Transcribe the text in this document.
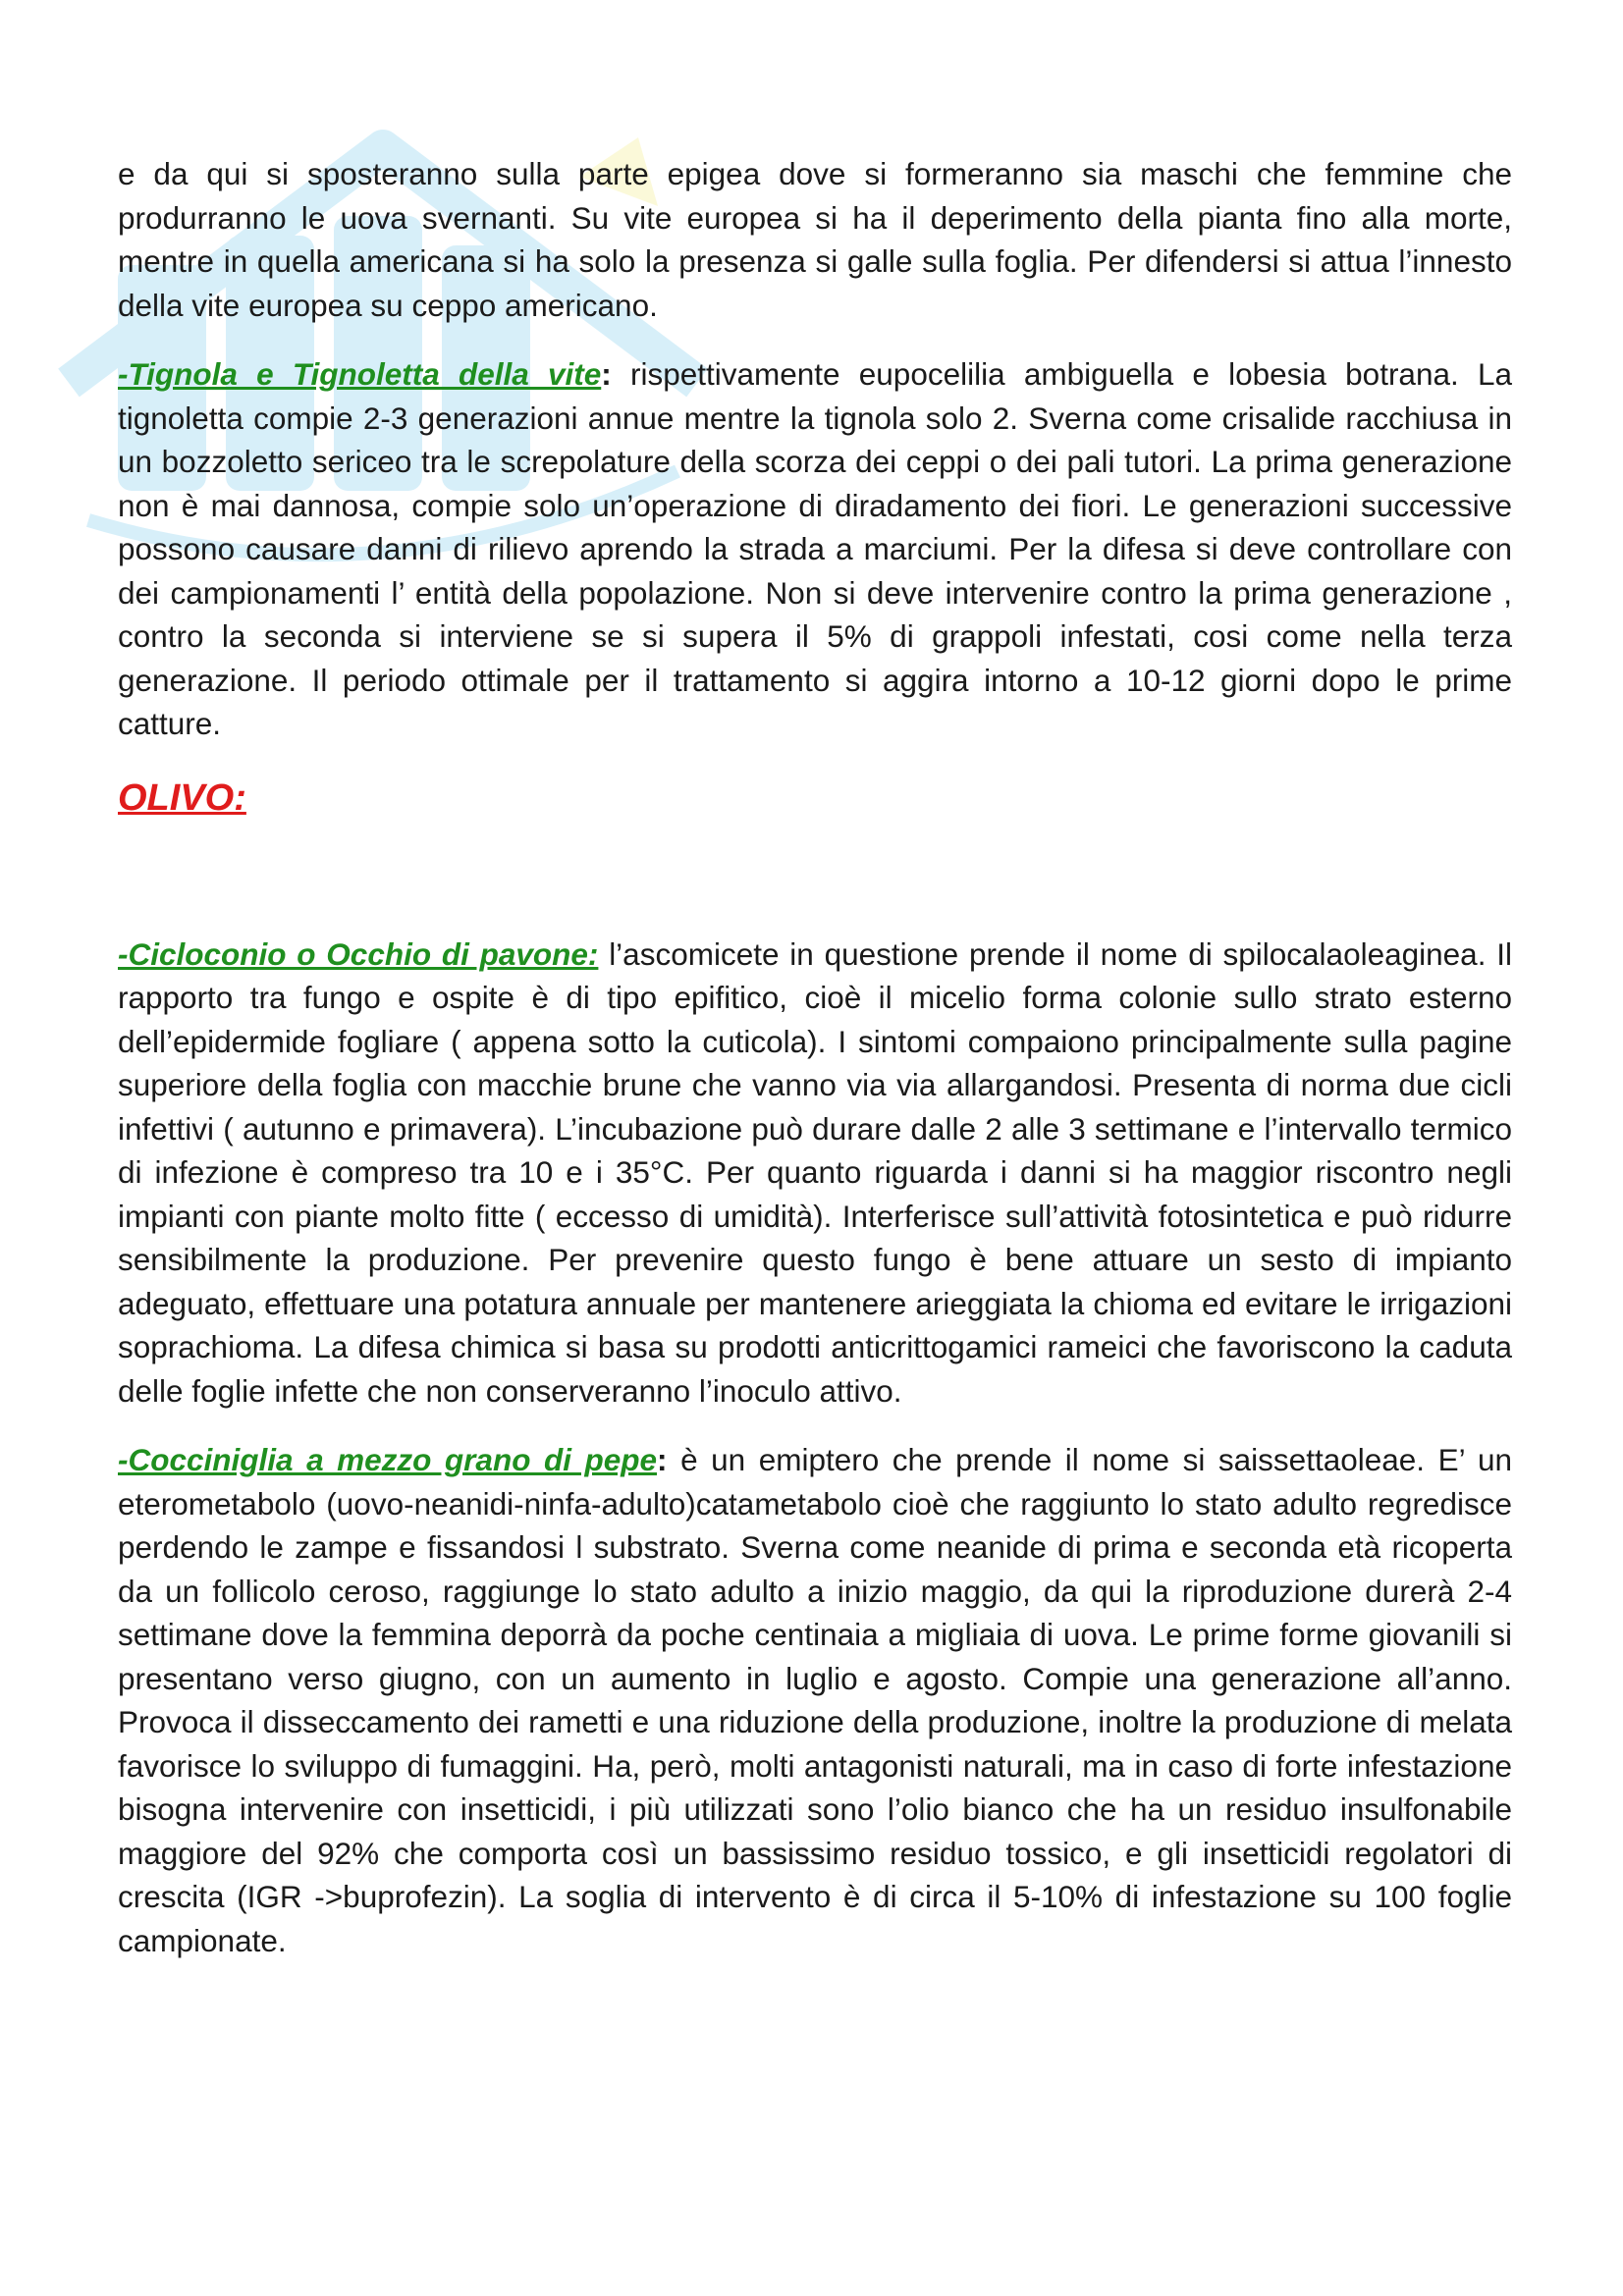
e da qui si sposteranno sulla parte epigea dove si formeranno sia maschi che femmine che produrranno le uova svernanti. Su vite europea si ha il deperimento della pianta fino alla morte, mentre in quella americana si ha solo la presenza si galle sulla foglia. Per difendersi si attua l’innesto della vite europea su ceppo americano.

-Tignola e Tignoletta della vite: rispettivamente eupocelilia ambiguella e lobesia botrana. La tignoletta compie 2-3 generazioni annue mentre la tignola solo 2. Sverna come crisalide racchiusa in un bozzoletto sericeo tra le screpolature della scorza dei ceppi o dei pali tutori. La prima generazione non è mai dannosa, compie solo un’operazione di diradamento dei fiori. Le generazioni successive possono causare danni di rilievo aprendo la strada a marciumi. Per la difesa si deve controllare con dei campionamenti l’ entità della popolazione. Non si deve intervenire contro la prima generazione , contro la seconda si interviene se si supera il 5% di grappoli infestati, cosi come nella terza generazione. Il periodo ottimale per il trattamento si aggira intorno a 10-12 giorni dopo le prime catture.

OLIVO:

-Cicloconio o Occhio di pavone: l’ascomicete in questione prende il nome di spilocalaoleaginea. Il rapporto tra fungo e ospite è di tipo epifitico, cioè il micelio forma colonie sullo strato esterno dell’epidermide fogliare ( appena sotto la cuticola). I sintomi compaiono principalmente sulla pagine superiore della foglia con macchie brune che vanno via via allargandosi. Presenta di norma due cicli infettivi ( autunno e primavera). L’incubazione può durare dalle 2 alle 3 settimane e l’intervallo termico di infezione è compreso tra 10 e i 35°C. Per quanto riguarda i danni si ha maggior riscontro negli impianti con piante molto fitte ( eccesso di umidità). Interferisce sull’attività fotosintetica e può ridurre sensibilmente la produzione. Per prevenire questo fungo è bene attuare un sesto di impianto adeguato, effettuare una potatura annuale per mantenere arieggiata la chioma ed evitare le irrigazioni soprachioma. La difesa chimica si basa su prodotti anticrittogamici rameici che favoriscono la caduta delle foglie infette che non conserveranno l’inoculo attivo.

-Cocciniglia a mezzo grano di pepe: è un emiptero che prende il nome si saissettaoleae. E’ un eterometabolo (uovo-neanidi-ninfa-adulto)catametabolo cioè che raggiunto lo stato adulto regredisce perdendo le zampe e fissandosi l substrato. Sverna come neanide di prima e seconda età ricoperta da un follicolo ceroso, raggiunge lo stato adulto a inizio maggio, da qui la riproduzione durerà 2-4 settimane dove la femmina deporrà da poche centinaia a migliaia di uova. Le prime forme giovanili si presentano verso giugno, con un aumento in luglio e agosto. Compie una generazione all’anno. Provoca il disseccamento dei rametti e una riduzione della produzione, inoltre la produzione di melata favorisce lo sviluppo di fumaggini. Ha, però, molti antagonisti naturali, ma in caso di forte infestazione bisogna intervenire con insetticidi, i più utilizzati sono l’olio bianco che ha un residuo insulfonabile maggiore del 92% che comporta così un bassissimo residuo tossico, e gli insetticidi regolatori di crescita (IGR ->buprofezin). La soglia di intervento è di circa il 5-10% di infestazione su 100 foglie campionate.
